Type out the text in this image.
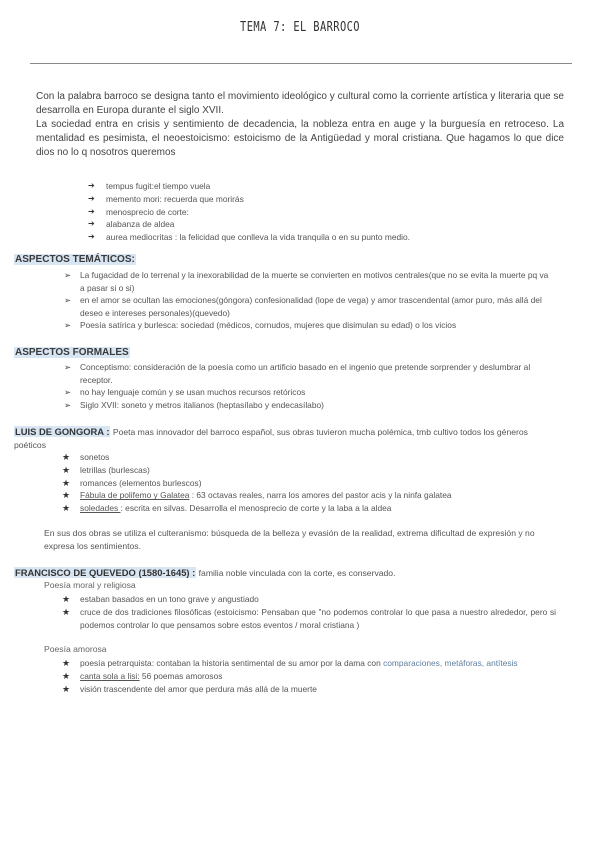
TEMA 7: EL BARROCO

Con la palabra barroco se designa tanto el movimiento ideológico y cultural como la corriente artística y literaria que se desarrolla en Europa durante el siglo XVII.

La sociedad entra en crisis y sentimiento de decadencia, la nobleza entra en auge y la burguesía en retroceso. La mentalidad es pesimista, el neoestoicismo: estoicismo de la Antigüedad y moral cristiana. Que hagamos lo que dice dios no lo q nosotros queremos

➔	tempus fugit:el tiempo vuela
➔	memento mori: recuerda que morirás
➔	menosprecio de corte:
➔	alabanza de aldea
➔	aurea mediocritas : la felicidad que conlleva la vida tranquila o en su punto medio.
ASPECTOS TEMÁTICOS:
➢	La fugacidad de lo terrenal y la inexorabilidad de la muerte se convierten en motivos centrales(que no se evita la muerte pq va a pasar si o si)
➢	en el amor se ocultan las emociones(góngora) confesionalidad (lope de vega) y amor trascendental (amor puro, más allá del deseo e intereses personales)(quevedo)
➢	Poesía satírica y burlesca: sociedad (médicos, cornudos, mujeres que disimulan su edad) o los vicios
ASPECTOS FORMALES
➢	Conceptismo: consideración de la poesía como un artificio basado en el ingenio que pretende sorprender y deslumbrar al receptor.
➢	no hay lenguaje común y se usan muchos recursos retóricos
➢	Siglo XVII: soneto y metros italianos (heptasílabo y endecasílabo)
LUIS DE GONGORA : Poeta mas innovador del barroco español, sus obras tuvieron mucha polémica, tmb cultivo todos los géneros poéticos
★	sonetos
★	letrillas (burlescas)
★	romances (elementos burlescos)
★	Fábula de polifemo y Galatea : 63 octavas reales, narra los amores del pastor acis y la ninfa galatea
★	soledades : escrita en silvas. Desarrolla el menosprecio de corte y la laba a la aldea
En sus dos obras se utiliza el culteranismo: búsqueda de la belleza y evasión de la realidad, extrema dificultad de expresión y no expresa los sentimientos.
FRANCISCO DE QUEVEDO (1580-1645) : familia noble vinculada con la corte, es conservado.
Poesía moral y religiosa
★	estaban basados en un tono grave y angustiado
★	cruce de dos tradiciones filosóficas (estoicismo: Pensaban que "no podemos controlar lo que pasa a nuestro alrededor, pero si podemos controlar lo que pensamos sobre estos eventos / moral cristiana )
Poesía amorosa
★	poesía petrarquista: contaban la historia sentimental de su amor por la dama con comparaciones, metáforas, antítesis
★	canta sola a lisi: 56 poemas amorosos
★	visión trascendente del amor que perdura más allá de la muerte
